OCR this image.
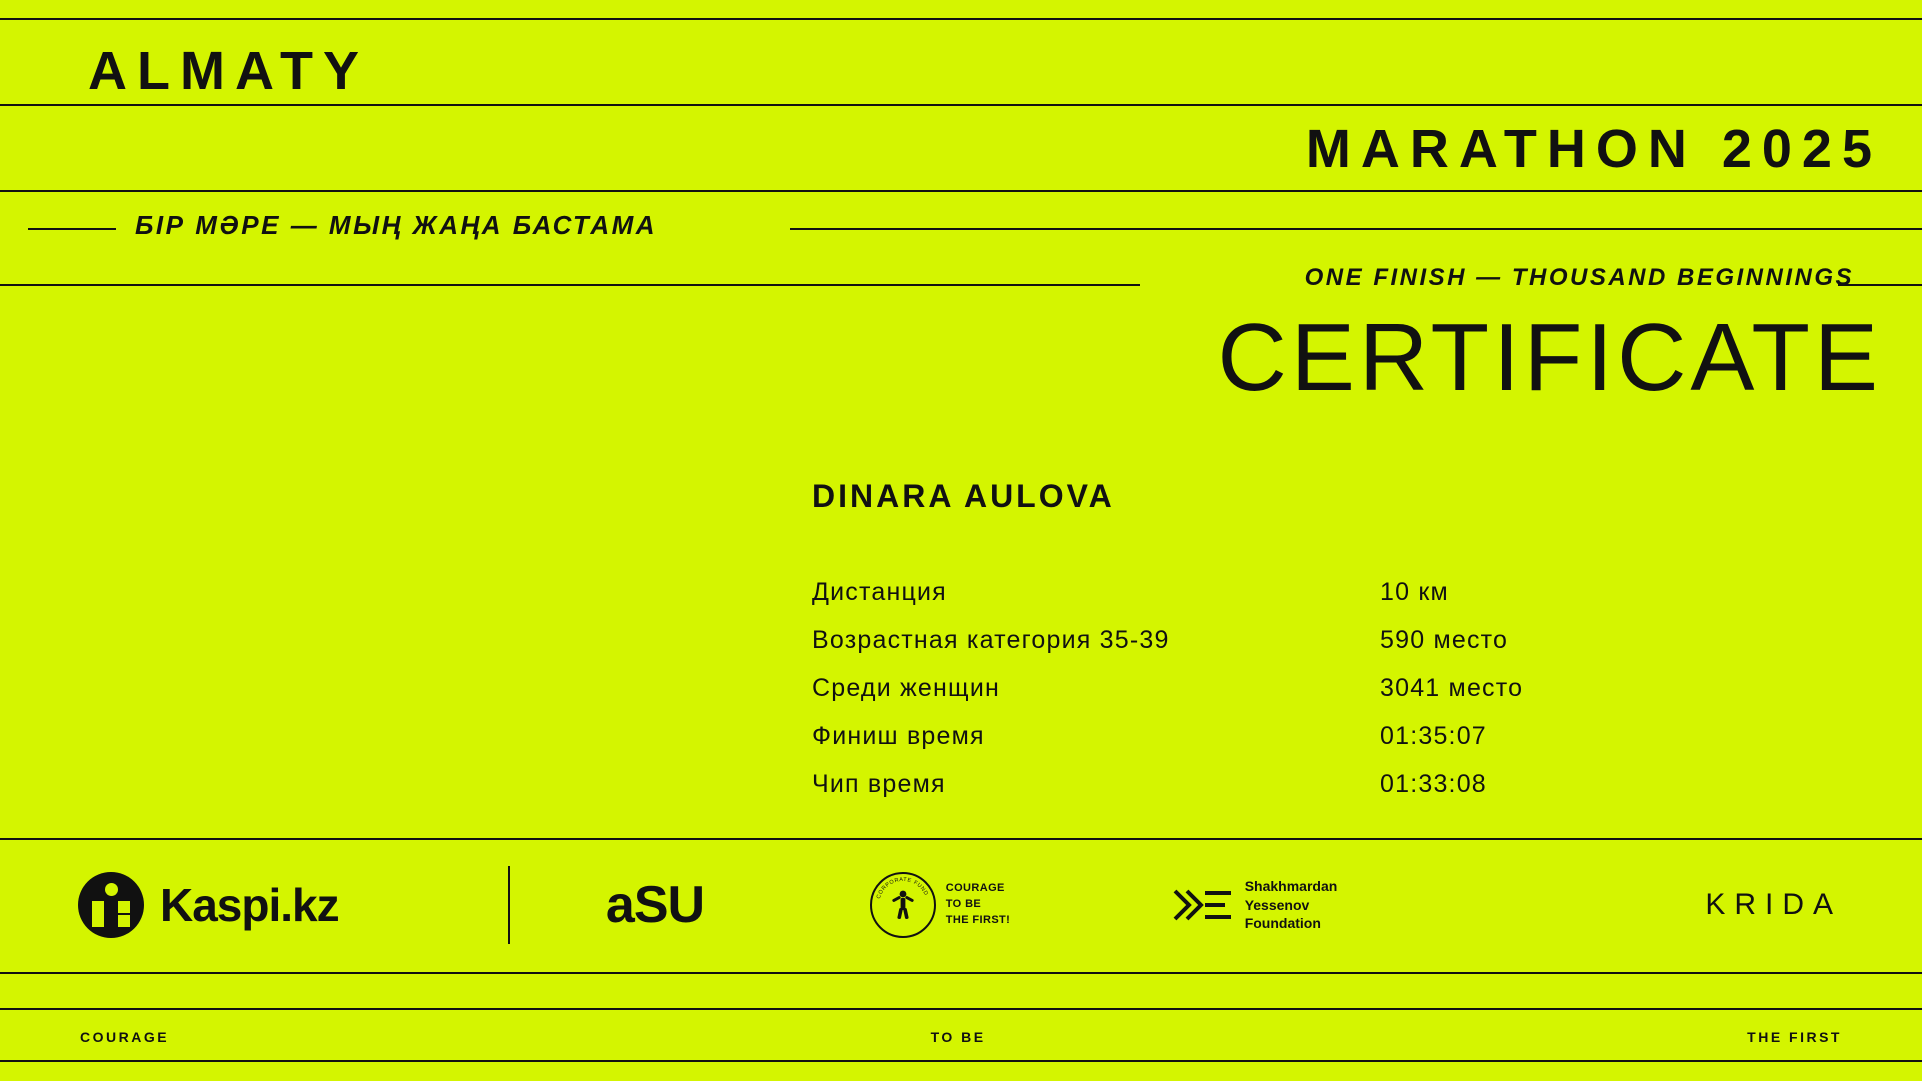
ALMATY
MARATHON 2025
БІР МӘРЕ — МЫҢ ЖАҢА БАСТАМА
ONE FINISH — THOUSAND BEGINNINGS
CERTIFICATE
DINARA AULOVA
Дистанция	10 км
Возрастная категория 35-39	590 место
Среди женщин	3041 место
Финиш время	01:35:07
Чип время	01:33:08
Kaspi.kz	aSU	CORPORATE FUND COURAGE
TO BE
THE FIRST!
Shakhmardan
Yessenov
Foundation
KRIDA
COURAGE	TO BE	THE FIRST
